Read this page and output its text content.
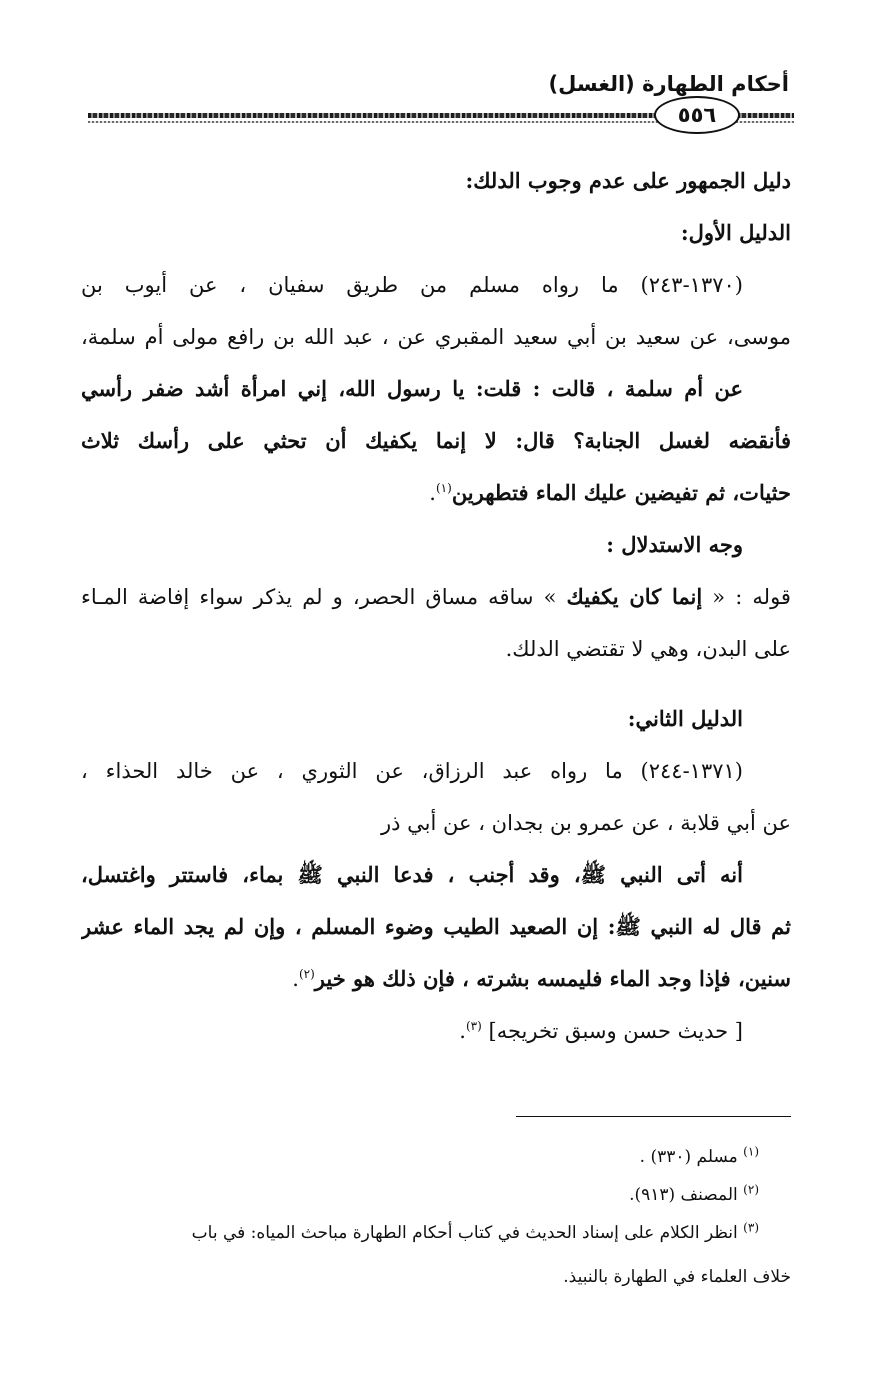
أحكام الطهارة (الغسل)
٥٥٦
دليل الجمهور على عدم وجوب الدلك:
الدليل الأول:
(١٣٧٠-٢٤٣) ما رواه مسلم من طريق سفيان ، عن أيوب بن
موسى، عن سعيد بن أبي سعيد المقبري عن ، عبد الله بن رافع مولى أم سلمة،
عن أم سلمة ، قالت : قلت: يا رسول الله، إني امرأة أشد ضفر رأسي
فأنقضه لغسل الجنابة؟ قال: لا إنما يكفيك أن تحثي على رأسك ثلاث
حثيات، ثم تفيضين عليك الماء فتطهرين$^{(١)}$.
وجه الاستدلال :
قوله : « إنما كان يكفيك » ساقه مساق الحصر، و لم يذكر سواء إفاضة المـاء
على البدن، وهي لا تقتضي الدلك.
الدليل الثاني:
(١٣٧١-٢٤٤) ما رواه عبد الرزاق، عن الثوري ، عن خالد الحذاء ،
عن أبي قلابة ، عن عمرو بن بجدان ، عن أبي ذر
أنه أتى النبي ﷺ، وقد أجنب ، فدعا النبي ﷺ بماء، فاستتر واغتسل،
ثم قال له النبي ﷺ: إن الصعيد الطيب وضوء المسلم ، وإن لم يجد الماء عشر
سنين، فإذا وجد الماء فليمسه بشرته ، فإن ذلك هو خير$^{(٢)}$.
[ حديث حسن وسبق تخريجه] $^{(٣)}$.
$^{(١)}$ مسلم (٣٣٠) .
$^{(٢)}$ المصنف (٩١٣).
$^{(٣)}$ انظر الكلام على إسناد الحديث في كتاب أحكام الطهارة مباحث المياه: في باب
خلاف العلماء في الطهارة بالنبيذ.
